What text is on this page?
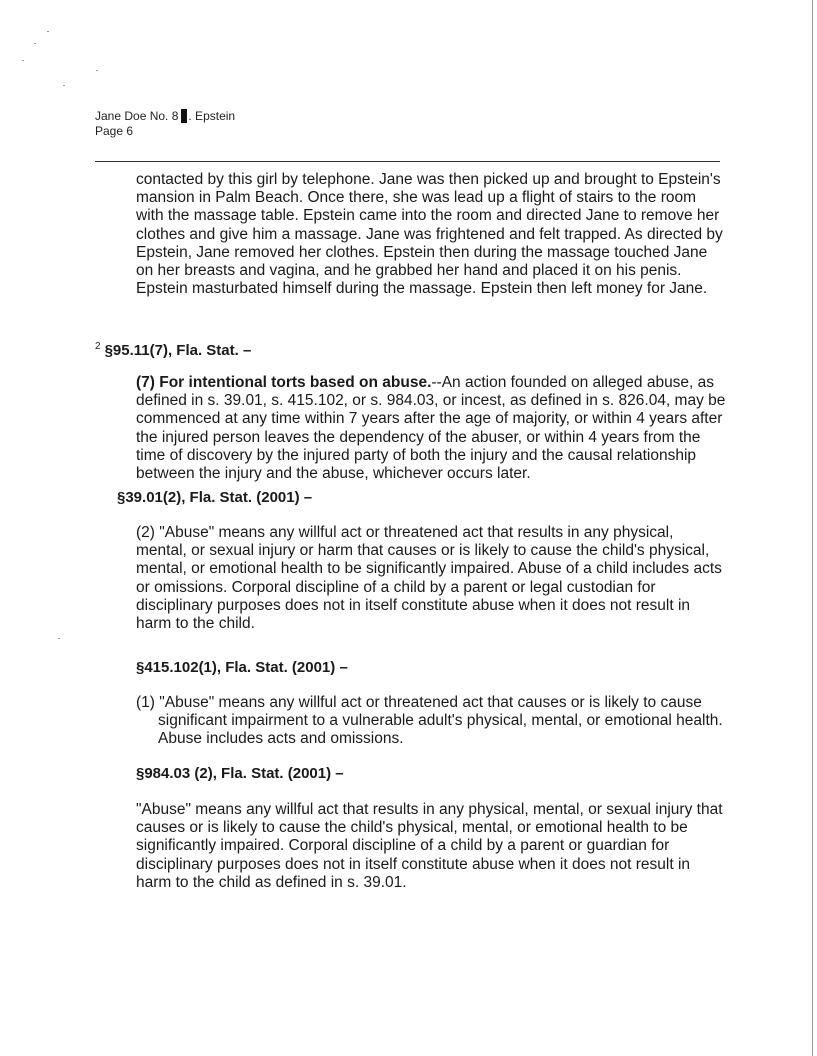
Jane Doe No. 8 . Epstein
Page 6
contacted by this girl by telephone. Jane was then picked up and brought to Epstein's mansion in Palm Beach. Once there, she was lead up a flight of stairs to the room with the massage table. Epstein came into the room and directed Jane to remove her clothes and give him a massage. Jane was frightened and felt trapped. As directed by Epstein, Jane removed her clothes. Epstein then during the massage touched Jane on her breasts and vagina, and he grabbed her hand and placed it on his penis. Epstein masturbated himself during the massage. Epstein then left money for Jane.
$^2$ §95.11(7), Fla. Stat. –
(7) For intentional torts based on abuse.--An action founded on alleged abuse, as defined in s. 39.01, s. 415.102, or s. 984.03, or incest, as defined in s. 826.04, may be commenced at any time within 7 years after the age of majority, or within 4 years after the injured person leaves the dependency of the abuser, or within 4 years from the time of discovery by the injured party of both the injury and the causal relationship between the injury and the abuse, whichever occurs later.
§39.01(2), Fla. Stat. (2001) –
(2) "Abuse" means any willful act or threatened act that results in any physical, mental, or sexual injury or harm that causes or is likely to cause the child's physical, mental, or emotional health to be significantly impaired. Abuse of a child includes acts or omissions. Corporal discipline of a child by a parent or legal custodian for disciplinary purposes does not in itself constitute abuse when it does not result in harm to the child.
§415.102(1), Fla. Stat. (2001) –
(1) "Abuse" means any willful act or threatened act that causes or is likely to cause significant impairment to a vulnerable adult's physical, mental, or emotional health. Abuse includes acts and omissions.
§984.03 (2), Fla. Stat. (2001) –
"Abuse" means any willful act that results in any physical, mental, or sexual injury that causes or is likely to cause the child's physical, mental, or emotional health to be significantly impaired. Corporal discipline of a child by a parent or guardian for disciplinary purposes does not in itself constitute abuse when it does not result in harm to the child as defined in s. 39.01.
